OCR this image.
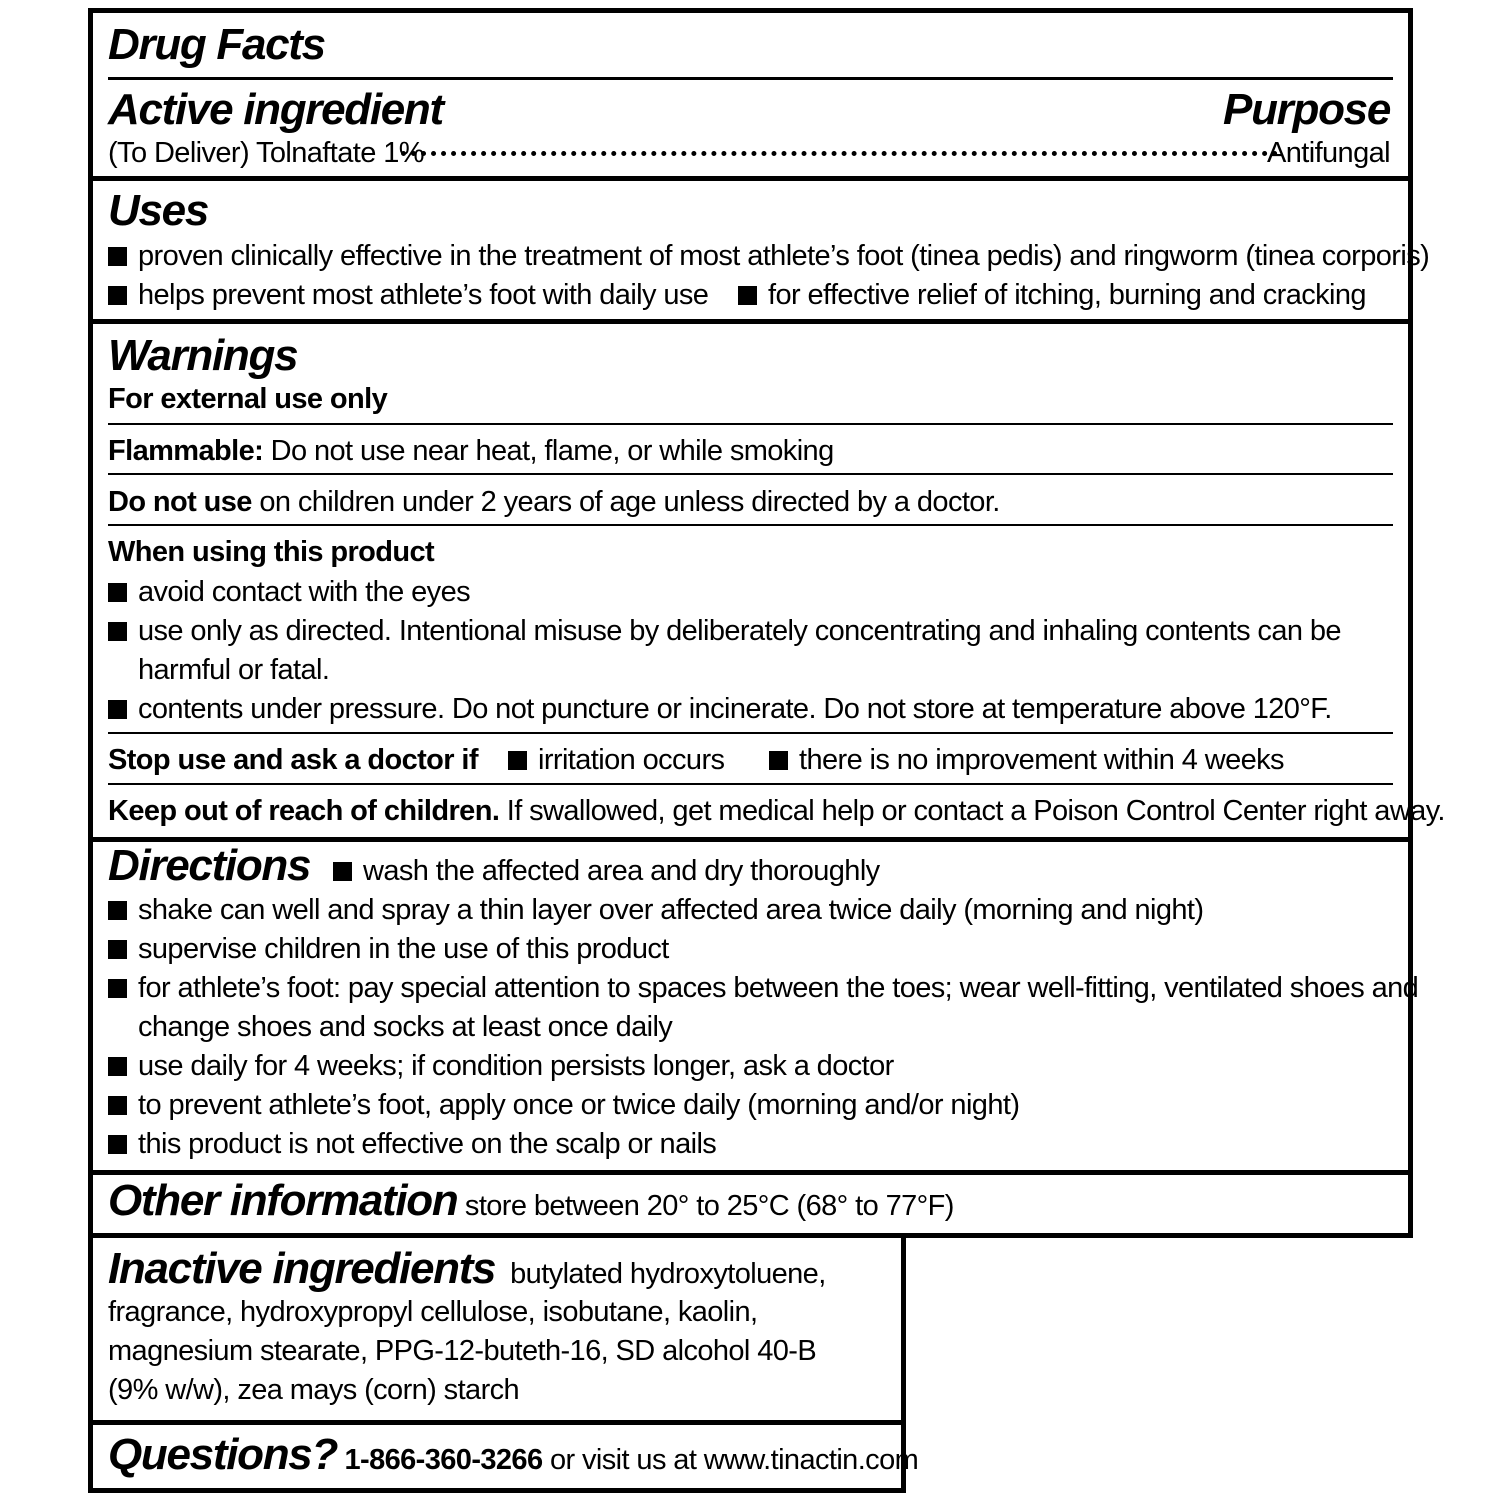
Drug Facts
Active ingredient	Purpose
(To Deliver) Tolnaftate 1%	Antifungal
Uses
proven clinically effective in the treatment of most athlete’s foot (tinea pedis) and ringworm (tinea corporis)
helps prevent most athlete’s foot with daily use	for effective relief of itching, burning and cracking
Warnings
For external use only
Flammable: Do not use near heat, flame, or while smoking
Do not use on children under 2 years of age unless directed by a doctor.
When using this product
avoid contact with the eyes
use only as directed. Intentional misuse by deliberately concentrating and inhaling contents can be
harmful or fatal.
contents under pressure. Do not puncture or incinerate. Do not store at temperature above 120°F.
Stop use and ask a doctor if	irritation occurs	there is no improvement within 4 weeks
Keep out of reach of children. If swallowed, get medical help or contact a Poison Control Center right away.
Directions	wash the affected area and dry thoroughly
shake can well and spray a thin layer over affected area twice daily (morning and night)
supervise children in the use of this product
for athlete’s foot: pay special attention to spaces between the toes; wear well-fitting, ventilated shoes and
change shoes and socks at least once daily
use daily for 4 weeks; if condition persists longer, ask a doctor
to prevent athlete’s foot, apply once or twice daily (morning and/or night)
this product is not effective on the scalp or nails
Other information store between 20° to 25°C (68° to 77°F)
Inactive ingredients butylated hydroxytoluene,
fragrance, hydroxypropyl cellulose, isobutane, kaolin,
magnesium stearate, PPG-12-buteth-16, SD alcohol 40-B
(9% w/w), zea mays (corn) starch
Questions? 1-866-360-3266 or visit us at www.tinactin.com
